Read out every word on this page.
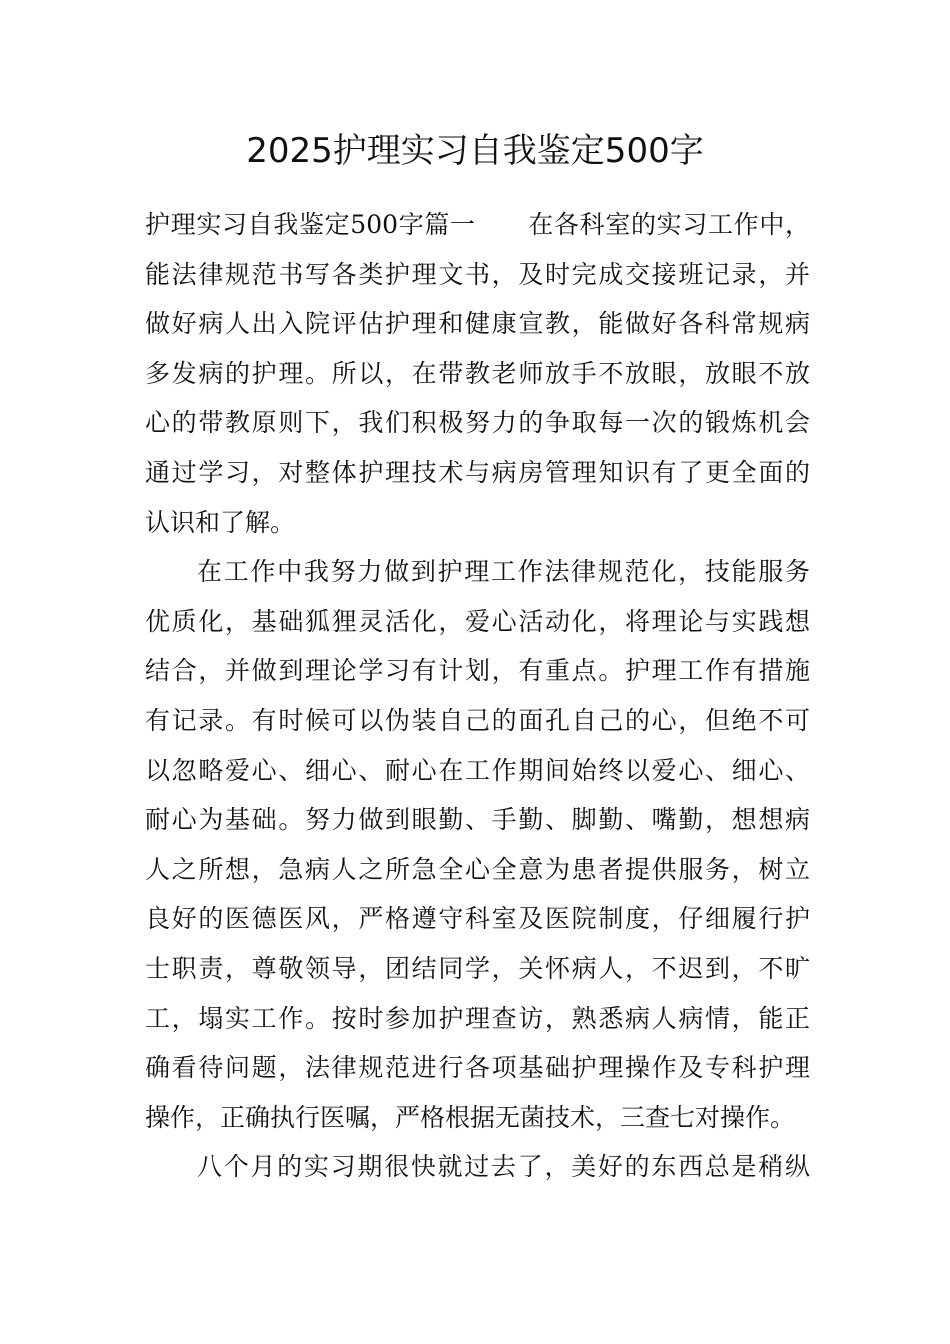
2025护理实习自我鉴定500字
护理实习自我鉴定500字篇一 在各科室的实习工作中，
能法律规范书写各类护理文书，及时完成交接班记录，并
做好病人出入院评估护理和健康宣教，能做好各科常规病
多发病的护理。所以，在带教老师放手不放眼，放眼不放
心的带教原则下，我们积极努力的争取每一次的锻炼机会
通过学习，对整体护理技术与病房管理知识有了更全面的
认识和了解。
在工作中我努力做到护理工作法律规范化，技能服务
优质化，基础狐狸灵活化，爱心活动化，将理论与实践想
结合，并做到理论学习有计划，有重点。护理工作有措施
有记录。有时候可以伪装自己的面孔自己的心，但绝不可
以忽略爱心、细心、耐心在工作期间始终以爱心、细心、
耐心为基础。努力做到眼勤、手勤、脚勤、嘴勤，想想病
人之所想，急病人之所急全心全意为患者提供服务，树立
良好的医德医风，严格遵守科室及医院制度，仔细履行护
士职责，尊敬领导，团结同学，关怀病人，不迟到，不旷
工，塌实工作。按时参加护理查访，熟悉病人病情，能正
确看待问题，法律规范进行各项基础护理操作及专科护理
操作，正确执行医嘱，严格根据无菌技术，三查七对操作。
八个月的实习期很快就过去了，美好的东西总是稍纵
